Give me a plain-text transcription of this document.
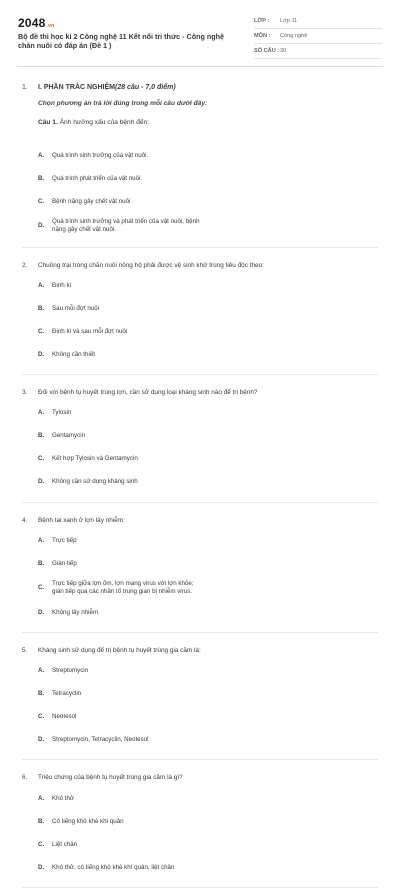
2048.vn
Bộ đề thi học kì 2 Công nghệ 11 Kết nối tri thức - Công nghệ chăn nuôi có đáp án (Đề 1 )
LỚP :	Lớp 11
MÔN :	Công nghệ
SỐ CÂU : 30
1.	I. PHẦN TRẮC NGHIỆM(28 câu - 7,0 điểm)
Chọn phương án trả lời đúng trong mỗi câu dưới đây:
Câu 1. Ảnh hưởng xấu của bệnh đến:
A.	Quá trình sinh trưởng của vật nuôi.
B.	Quá trình phát triển của vật nuôi.
C.	Bệnh nặng gây chết vật nuôi
D.
Quá trình sinh trưởng và phát triển của vật nuôi, bệnh nặng gây chết vật nuôi.
2.	Chuồng trại trong chăn nuôi nông hộ phải được vệ sinh khử trùng tiêu độc theo:
A.	Định kì
B.	Sau mỗi đợt nuôi
C.	Định kì và sau mỗi đợt nuôi
D.	Không cần thiết
3.	Đối với bệnh tụ huyết trùng lợn, cần sử dụng loại kháng sinh nào để trị bệnh?
A.	Tylosin
B.	Gentamycin
C.	Kết hợp Tylosin và Gentamycin
D.	Không cần sử dụng kháng sinh
4.	Bệnh tai xanh ở lợn lây nhiễm:
A.	Trực tiếp
B.	Gián tiếp
C.
Trực tiếp giữa lợn ốm, lợn mang virus với lợn khỏe; gián tiếp qua các nhân tố trung gian bị nhiễm virus.
D.	Không lây nhiễm
5.	Kháng sinh sử dụng để trị bệnh tụ huyết trùng gia cầm là:
A.	Streptomycin
B.	Tetracyclin
C.	Neotesol
D.	Streptomycin, Tetracyclin, Neotesol
6.	Triệu chứng của bệnh tụ huyết trùng gia cầm là gì?
A.	Khó thở
B.	Có tiếng khò khè khi quản
C.	Liệt chân
D.	Khó thở, có tiếng khò khè khí quản, liệt chân
